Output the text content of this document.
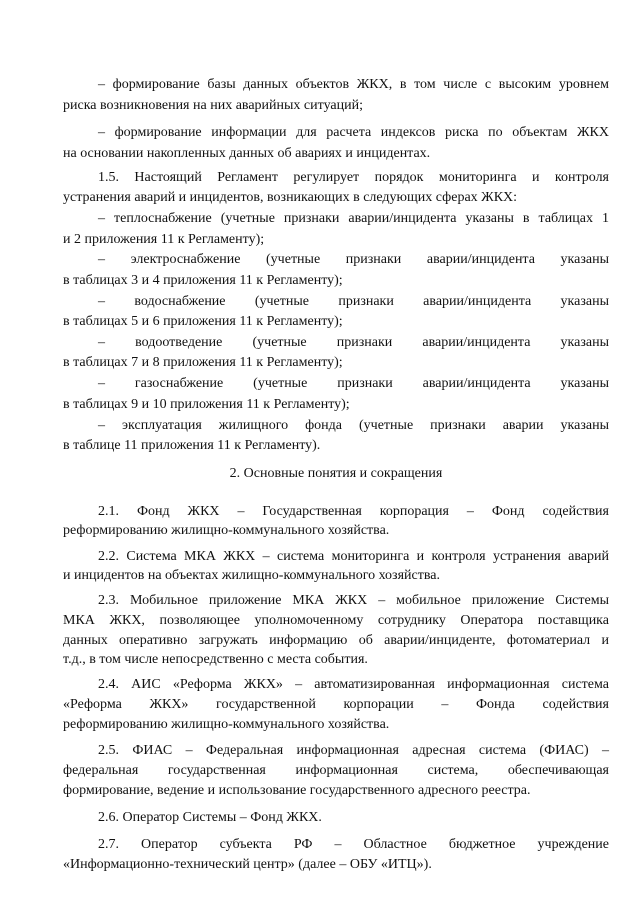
– формирование базы данных объектов ЖКХ, в том числе с высоким уровнем
риска возникновения на них аварийных ситуаций;
– формирование информации для расчета индексов риска по объектам ЖКХ
на основании накопленных данных об авариях и инцидентах.
1.5. Настоящий Регламент регулирует порядок мониторинга и контроля
устранения аварий и инцидентов, возникающих в следующих сферах ЖКХ:
– теплоснабжение (учетные признаки аварии/инцидента указаны в таблицах 1
и 2 приложения 11 к Регламенту);
– электроснабжение (учетные признаки аварии/инцидента указаны
в таблицах 3 и 4 приложения 11 к Регламенту);
– водоснабжение (учетные признаки аварии/инцидента указаны
в таблицах 5 и 6 приложения 11 к Регламенту);
– водоотведение (учетные признаки аварии/инцидента указаны
в таблицах 7 и 8 приложения 11 к Регламенту);
– газоснабжение (учетные признаки аварии/инцидента указаны
в таблицах 9 и 10 приложения 11 к Регламенту);
– эксплуатация жилищного фонда (учетные признаки аварии указаны
в таблице 11 приложения 11 к Регламенту).
2. Основные понятия и сокращения
2.1. Фонд ЖКХ – Государственная корпорация – Фонд содействия
реформированию жилищно-коммунального хозяйства.
2.2. Система МКА ЖКХ – система мониторинга и контроля устранения аварий
и инцидентов на объектах жилищно-коммунального хозяйства.
2.3. Мобильное приложение МКА ЖКХ – мобильное приложение Системы
МКА ЖКХ, позволяющее уполномоченному сотруднику Оператора поставщика
данных оперативно загружать информацию об аварии/инциденте, фотоматериал и
т.д., в том числе непосредственно с места события.
2.4. АИС «Реформа ЖКХ» – автоматизированная информационная система
«Реформа ЖКХ» государственной корпорации – Фонда содействия
реформированию жилищно-коммунального хозяйства.
2.5. ФИАС – Федеральная информационная адресная система (ФИАС) –
федеральная государственная информационная система, обеспечивающая
формирование, ведение и использование государственного адресного реестра.
2.6. Оператор Системы – Фонд ЖКХ.
2.7. Оператор субъекта РФ – Областное бюджетное учреждение
«Информационно-технический центр» (далее – ОБУ «ИТЦ»).
